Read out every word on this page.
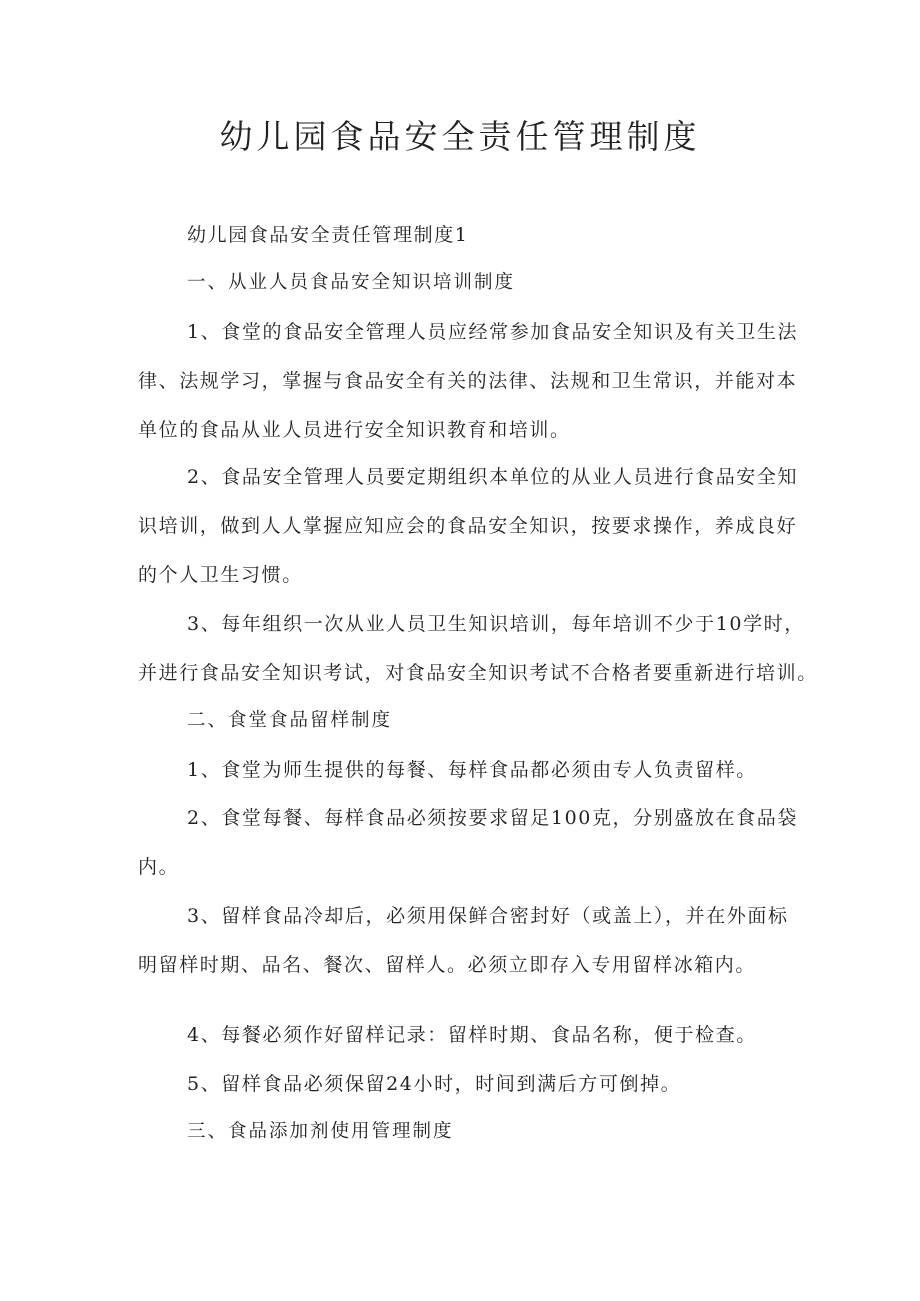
幼儿园食品安全责任管理制度

幼儿园食品安全责任管理制度1

一、从业人员食品安全知识培训制度

1、食堂的食品安全管理人员应经常参加食品安全知识及有关卫生法

律、法规学习，掌握与食品安全有关的法律、法规和卫生常识，并能对本

单位的食品从业人员进行安全知识教育和培训。

2、食品安全管理人员要定期组织本单位的从业人员进行食品安全知

识培训，做到人人掌握应知应会的食品安全知识，按要求操作，养成良好

的个人卫生习惯。

3、每年组织一次从业人员卫生知识培训，每年培训不少于10学时，

并进行食品安全知识考试，对食品安全知识考试不合格者要重新进行培训。

二、食堂食品留样制度

1、食堂为师生提供的每餐、每样食品都必须由专人负责留样。

2、食堂每餐、每样食品必须按要求留足100克，分别盛放在食品袋

内。

3、留样食品冷却后，必须用保鲜合密封好（或盖上），并在外面标

明留样时期、品名、餐次、留样人。必须立即存入专用留样冰箱内。

4、每餐必须作好留样记录：留样时期、食品名称，便于检查。

5、留样食品必须保留24小时，时间到满后方可倒掉。

三、食品添加剂使用管理制度
